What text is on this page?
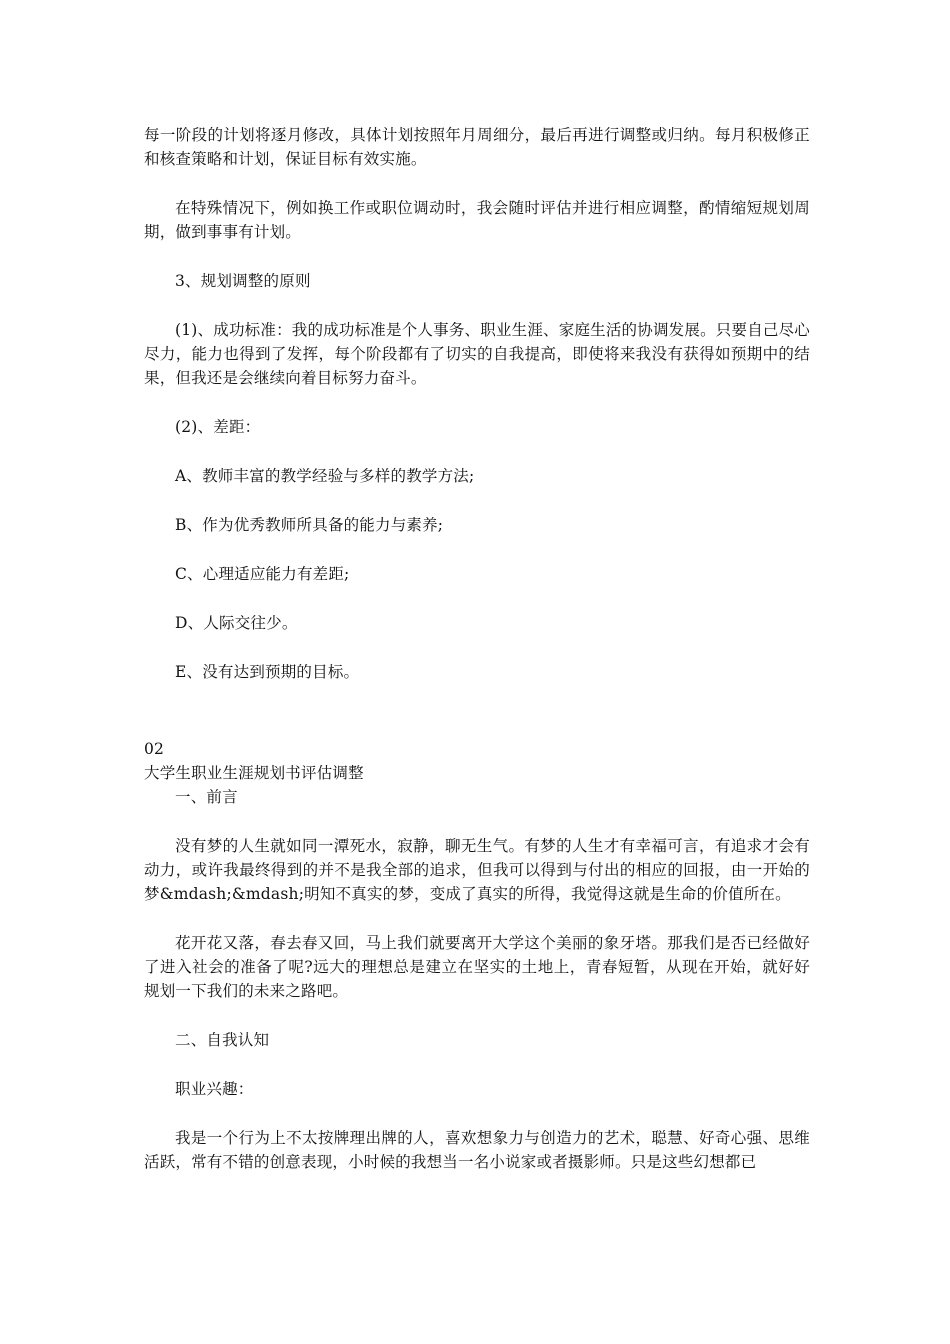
每一阶段的计划将逐月修改，具体计划按照年月周细分，最后再进行调整或归纳。每月积极修正和核查策略和计划，保证目标有效实施。

在特殊情况下，例如换工作或职位调动时，我会随时评估并进行相应调整，酌情缩短规划周期，做到事事有计划。

3、规划调整的原则

(1)、成功标准：我的成功标准是个人事务、职业生涯、家庭生活的协调发展。只要自己尽心尽力，能力也得到了发挥，每个阶段都有了切实的自我提高，即使将来我没有获得如预期中的结果，但我还是会继续向着目标努力奋斗。

(2)、差距：

A、教师丰富的教学经验与多样的教学方法;

B、作为优秀教师所具备的能力与素养;

C、心理适应能力有差距;

D、人际交往少。

E、没有达到预期的目标。

02

大学生职业生涯规划书评估调整

一、前言

没有梦的人生就如同一潭死水，寂静，聊无生气。有梦的人生才有幸福可言，有追求才会有动力，或许我最终得到的并不是我全部的追求，但我可以得到与付出的相应的回报，由一开始的梦&mdash;&mdash;明知不真实的梦，变成了真实的所得，我觉得这就是生命的价值所在。

花开花又落，春去春又回，马上我们就要离开大学这个美丽的象牙塔。那我们是否已经做好了进入社会的准备了呢?远大的理想总是建立在坚实的土地上，青春短暂，从现在开始，就好好规划一下我们的未来之路吧。

二、自我认知

职业兴趣：

我是一个行为上不太按牌理出牌的人，喜欢想象力与创造力的艺术，聪慧、好奇心强、思维活跃，常有不错的创意表现，小时候的我想当一名小说家或者摄影师。只是这些幻想都已
